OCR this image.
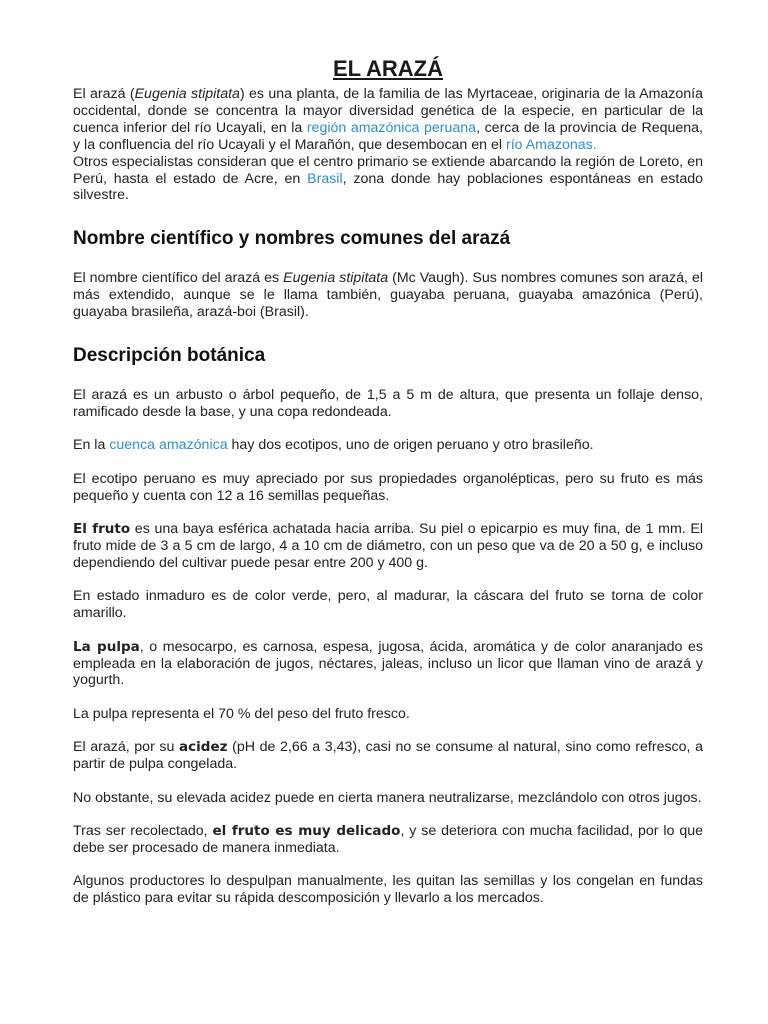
EL ARAZÁ

El arazá (Eugenia stipitata) es una planta, de la familia de las Myrtaceae, originaria de la Amazonía occidental, donde se concentra la mayor diversidad genética de la especie, en particular de la cuenca inferior del río Ucayali, en la región amazónica peruana, cerca de la provincia de Requena, y la confluencia del río Ucayali y el Marañón, que desembocan en el río Amazonas.

Otros especialistas consideran que el centro primario se extiende abarcando la región de Loreto, en Perú, hasta el estado de Acre, en Brasil, zona donde hay poblaciones espontáneas en estado silvestre.

Nombre científico y nombres comunes del arazá

El nombre científico del arazá es Eugenia stipitata (Mc Vaugh). Sus nombres comunes son arazá, el más extendido, aunque se le llama también, guayaba peruana, guayaba amazónica (Perú), guayaba brasileña, arazá-boi (Brasil).

Descripción botánica

El arazá es un arbusto o árbol pequeño, de 1,5 a 5 m de altura, que presenta un follaje denso, ramificado desde la base, y una copa redondeada.

En la cuenca amazónica hay dos ecotipos, uno de origen peruano y otro brasileño.

El ecotipo peruano es muy apreciado por sus propiedades organolépticas, pero su fruto es más pequeño y cuenta con 12 a 16 semillas pequeñas.

El fruto es una baya esférica achatada hacia arriba. Su piel o epicarpio es muy fina, de 1 mm. El fruto mide de 3 a 5 cm de largo, 4 a 10 cm de diámetro, con un peso que va de 20 a 50 g, e incluso dependiendo del cultivar puede pesar entre 200 y 400 g.

En estado inmaduro es de color verde, pero, al madurar, la cáscara del fruto se torna de color amarillo.

La pulpa, o mesocarpo, es carnosa, espesa, jugosa, ácida, aromática y de color anaranjado es empleada en la elaboración de jugos, néctares, jaleas, incluso un licor que llaman vino de arazá y yogurth.

La pulpa representa el 70 % del peso del fruto fresco.

El arazá, por su acidez (pH de 2,66 a 3,43), casi no se consume al natural, sino como refresco, a partir de pulpa congelada.

No obstante, su elevada acidez puede en cierta manera neutralizarse, mezclándolo con otros jugos.

Tras ser recolectado, el fruto es muy delicado, y se deteriora con mucha facilidad, por lo que debe ser procesado de manera inmediata.

Algunos productores lo despulpan manualmente, les quitan las semillas y los congelan en fundas de plástico para evitar su rápida descomposición y llevarlo a los mercados.
